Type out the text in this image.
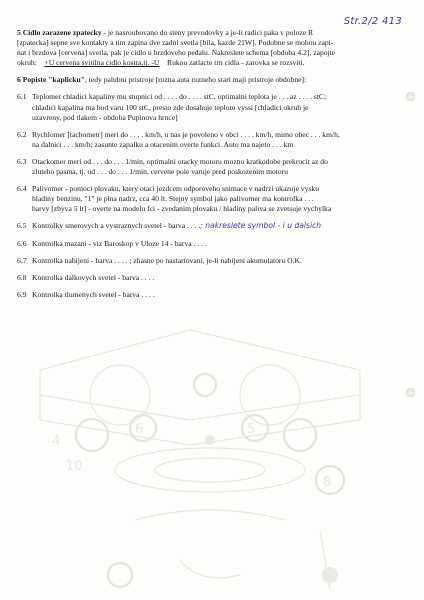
4
6
10
5
8
Str.2/2 413

5 Cidlo zarazene zpatecky - je nasroubovano do steny prevodovky a je-li radici paka v poloze R

[zpatecka] sepne sve kontakty a tim zapina dve zadni svetla [bila, kazde 21W]. Podobne se mohou zapi-

nat i brzdova [cervena] svetla, pak je cidlo u brzdoveho pedalu. Nakreslete schema [obdoba 4.2], zapojte

okruh: +U cervena svitilna cidlo kostra,tj. -U Rukou zatlacte trn cidla - zarovka se rozsviti.

6 Popiste "kaplicku", tedy palubni pristroje [ruzna auta ruzneho stari maji pristroje obdobne]:

6.1 Teplomer chladici kapaliny mu stupnici od . . . . do . . . . stC, optimalni teplota je . . . az . . . . stC;

chladici kapalina ma bod varu 100 stC, presto zde dosahuje teplotu vyssi [chladici okruh je

uzavreny, pod tlakem - obdoba Pupinova hrnce]

6.2 Rychlomer [tachometr] meri do . . . . km/h, u nas je povoleno v obci . . . . km/h, mimo obec . . . km/h,

na dalnici . . . km/h; zasunte zapalku a otacenim overte funkci. Auto ma najeto . . . km

6.3 Otackomer meri od . . . do . . . 1/min, optimalni otacky motoru mozno kratkodobe prekrocit az do

zluteho pasma, tj. od . . . do . . . 1/min, cervene pole varuje pred poskozenim motoru

6.4 Palivomer - pomoci plovaku, ktery otaci jezdcem odporoveho snimace v nadrzi ukazuje vysku

hladiny benzinu, "1" je plna nadrz, cca 40 lt. Stejny symbol jako palivomer ma kontrolka . . .

barvy [zbyva 5 lt] - overte na modelu fci - zvedanim plovaku / hladiny paliva se zvetsuje vychylka

6.5 Kontrolky smerovych a vystraznych svetel - barva . . . .; nakreslete symbol - i u dalsich

6.6 Kontrolka mazani - viz Baroskop v Uloze 14 - barva . . . .

6.7 Kontrolka nabijeni - barva . . . . ; zhasne po nastartovani, je-li nabijeni akumulatoru O.K.

6.8 Kontrolka dalkovych svetel - barva . . . .

6.9 Kontrolka tlumenych svetel - barva . . . .
